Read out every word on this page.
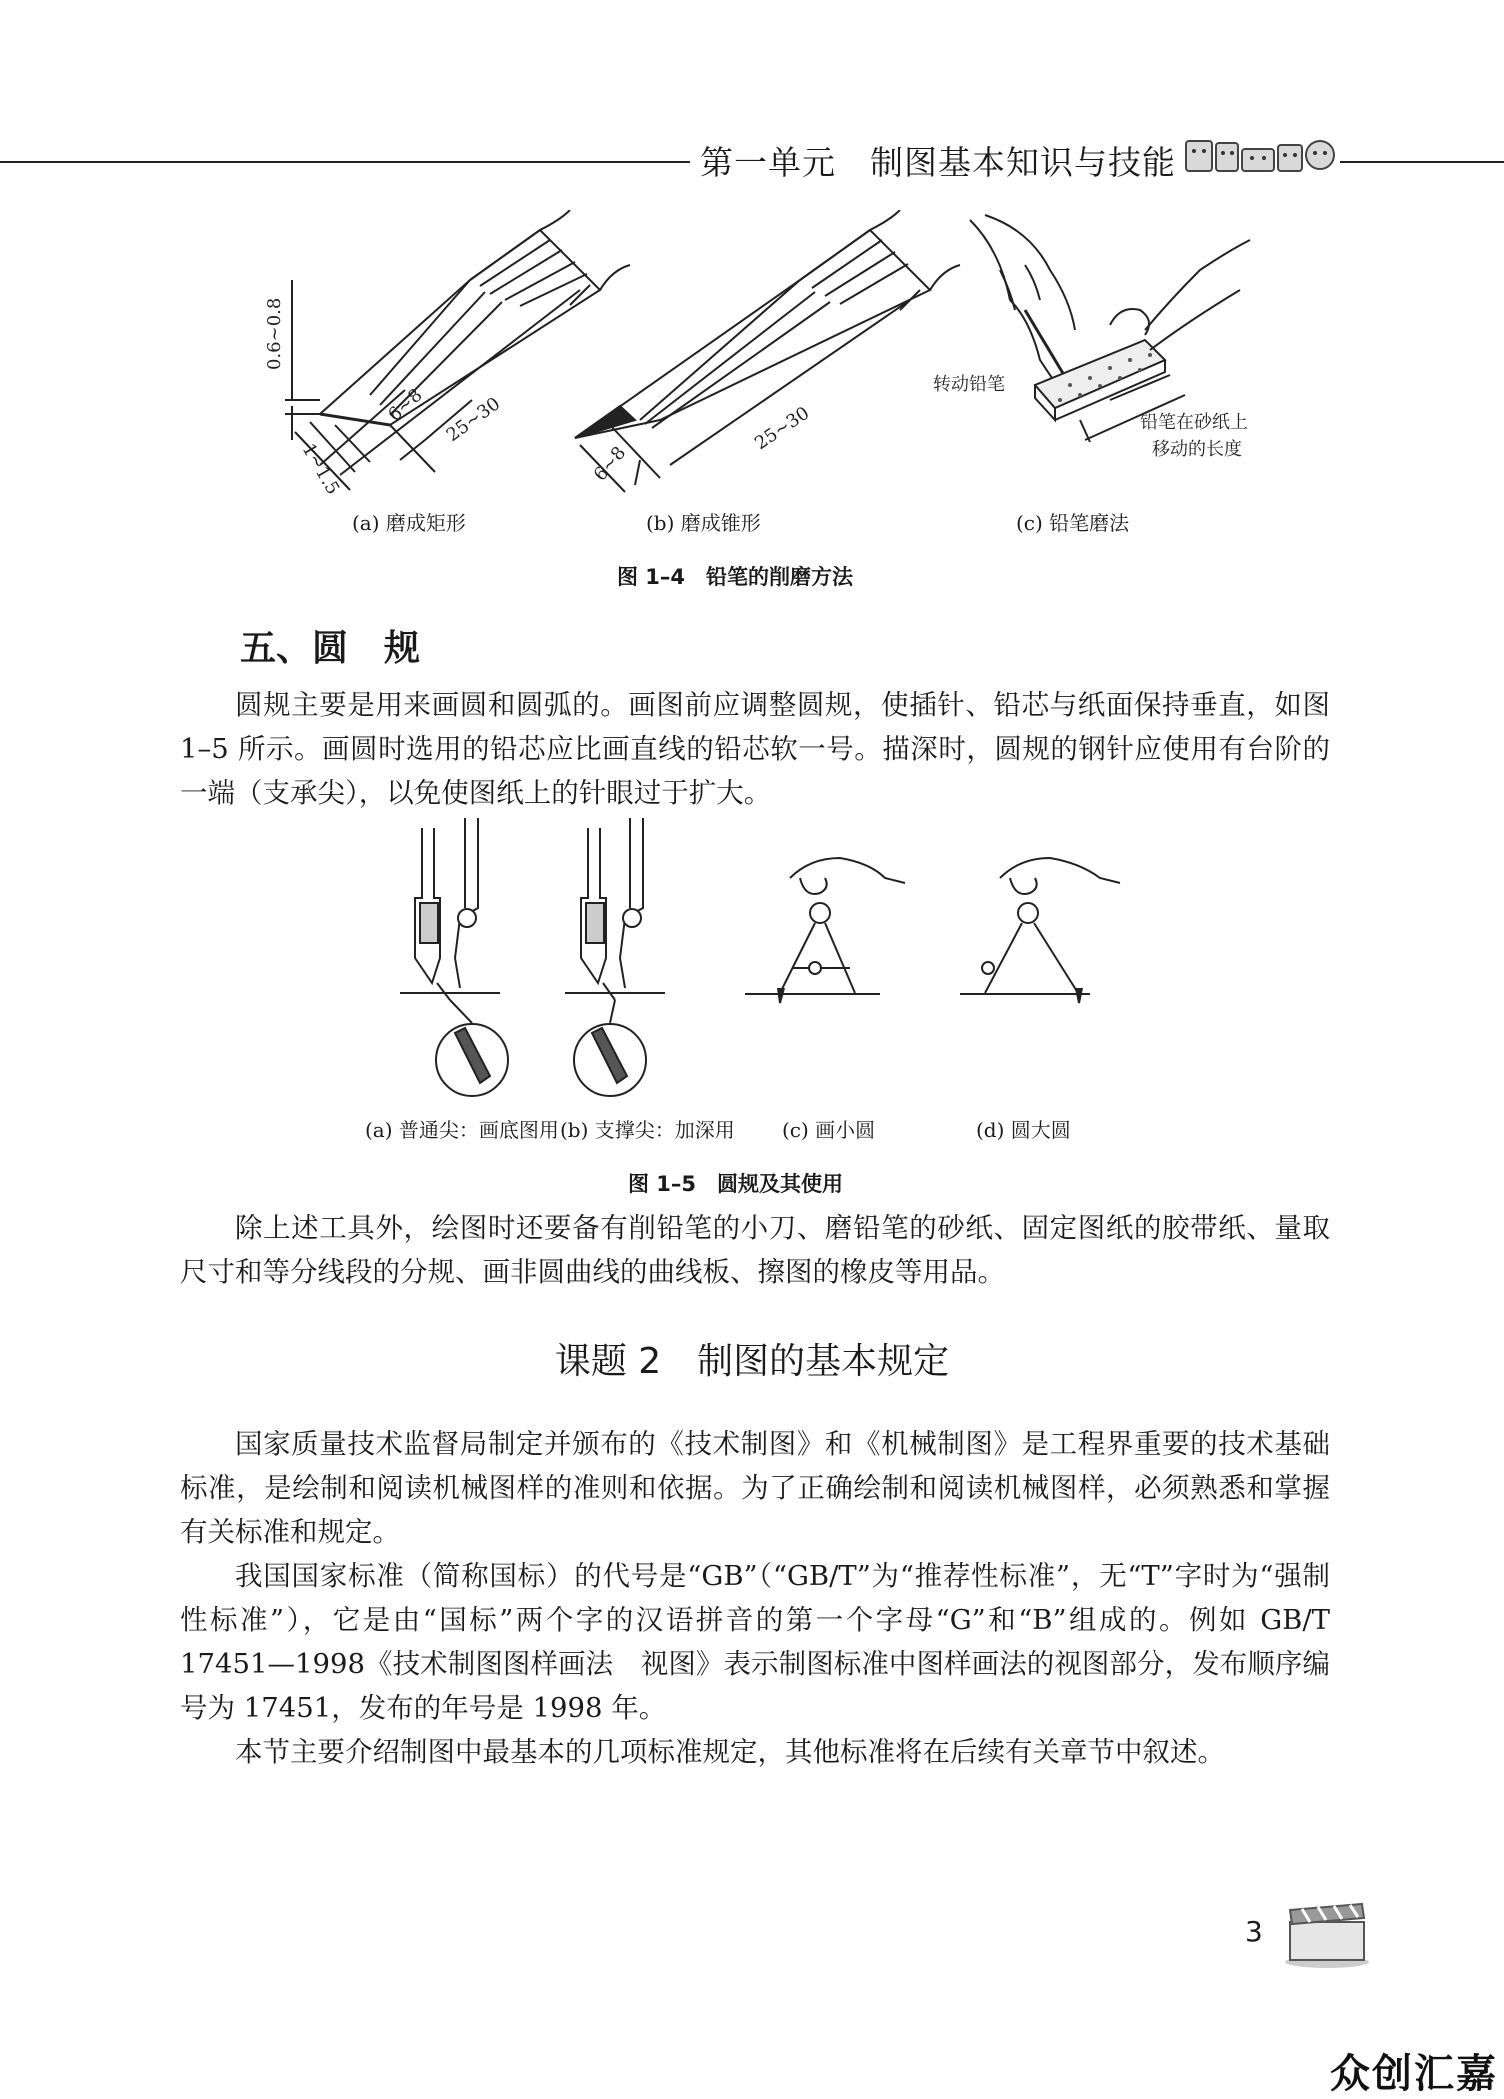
第一单元 制图基本知识与技能
0.6~0.8
6~8 25~30
1~1.5	6~8
25~30
转动铅笔
铅笔在砂纸上
移动的长度
(a) 磨成矩形	(b) 磨成锥形	(c) 铅笔磨法
图 1–4　铅笔的削磨方法
五、圆　规

圆规主要是用来画圆和圆弧的。画图前应调整圆规，使插针、铅芯与纸面保持垂直，如图 1–5 所示。画圆时选用的铅芯应比画直线的铅芯软一号。描深时，圆规的钢针应使用有台阶的一端（支承尖），以免使图纸上的针眼过于扩大。

(a) 普通尖：画底图用 (b) 支撑尖：加深用 (c) 画小圆	(d) 圆大圆
图 1–5　圆规及其使用

除上述工具外，绘图时还要备有削铅笔的小刀、磨铅笔的砂纸、固定图纸的胶带纸、量取尺寸和等分线段的分规、画非圆曲线的曲线板、擦图的橡皮等用品。

课题 2　制图的基本规定

国家质量技术监督局制定并颁布的《技术制图》和《机械制图》是工程界重要的技术基础标准，是绘制和阅读机械图样的准则和依据。为了正确绘制和阅读机械图样，必须熟悉和掌握有关标准和规定。

我国国家标准（简称国标）的代号是“GB”（“GB/T”为“推荐性标准”，无“T”字时为“强制性标准”），它是由“国标”两个字的汉语拼音的第一个字母“G”和“B”组成的。例如 GB/T 17451—1998《技术制图图样画法　视图》表示制图标准中图样画法的视图部分，发布顺序编号为 17451，发布的年号是 1998 年。

本节主要介绍制图中最基本的几项标准规定，其他标准将在后续有关章节中叙述。

3
众创汇嘉
